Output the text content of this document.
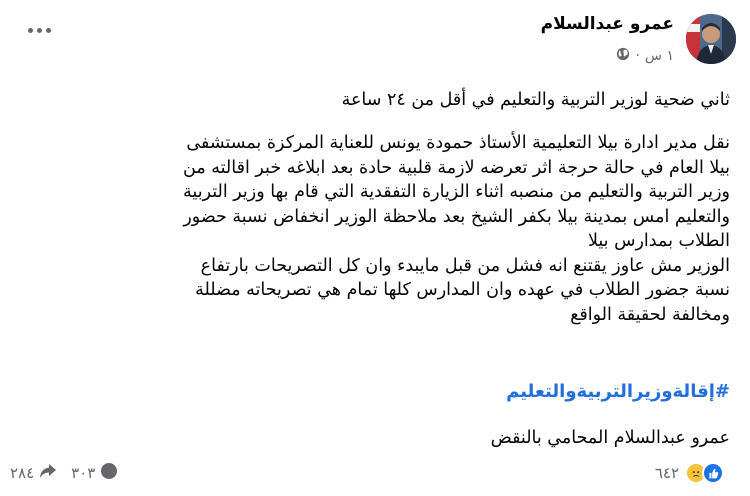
عمرو عبدالسلام
١ س
·
ثاني ضحية لوزير التربية والتعليم في أقل من ٢٤ ساعة
نقل مدير ادارة بيلا التعليمية الأستاذ حمودة يونس للعناية المركزة بمستشفى
بيلا العام في حالة حرجة اثر تعرضه لازمة قلبية حادة بعد ابلاغه خبر اقالته من
وزير التربية والتعليم من منصبه اثناء الزيارة التفقدية التي قام بها وزير التربية
والتعليم امس بمدينة بيلا بكفر الشيخ بعد ملاحظة الوزير انخفاض نسبة حضور
الطلاب بمدارس بيلا
الوزير مش عاوز يقتنع انه فشل من قبل مايبدء وان كل التصريحات بارتفاع
نسبة جضور الطلاب في عهده وان المدارس كلها تمام هي تصريحاته مضللة
ومخالفة لحقيقة الواقع
#إقالةوزيرالتربيةوالتعليم
عمرو عبدالسلام المحامي بالنقض
٦٤٢
٣٠٣
٢٨٤
